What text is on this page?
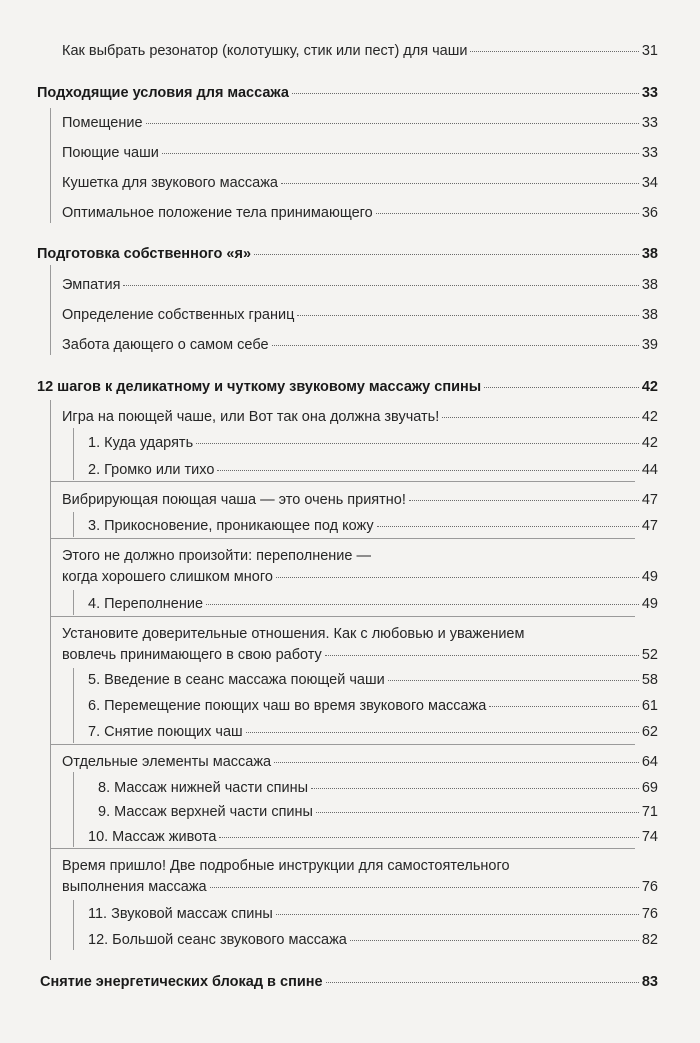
Как выбрать резонатор (колотушку, стик или пест) для чаши	31
Подходящие условия для массажа	33
Помещение	33
Поющие чаши	33
Кушетка для звукового массажа	34
Оптимальное положение тела принимающего	36
Подготовка собственного «я»	38
Эмпатия	38
Определение собственных границ	38
Забота дающего о самом себе	39
12 шагов к деликатному и чуткому звуковому массажу спины	42
Игра на поющей чаше, или Вот так она должна звучать!	42
1. Куда ударять	42
2. Громко или тихо	44
Вибрирующая поющая чаша — это очень приятно!	47
3. Прикосновение, проникающее под кожу	47
Этого не должно произойти: переполнение —
когда хорошего слишком много	49
4. Переполнение	49
Установите доверительные отношения. Как с любовью и уважением
вовлечь принимающего в свою работу	52
5. Введение в сеанс массажа поющей чаши	58
6. Перемещение поющих чаш во время звукового массажа	61
7. Снятие поющих чаш	62
Отдельные элементы массажа	64
8. Массаж нижней части спины	69
9. Массаж верхней части спины	71
10. Массаж живота	74
Время пришло! Две подробные инструкции для самостоятельного
выполнения массажа	76
11. Звуковой массаж спины	76
12. Большой сеанс звукового массажа	82
Снятие энергетических блокад в спине	83
